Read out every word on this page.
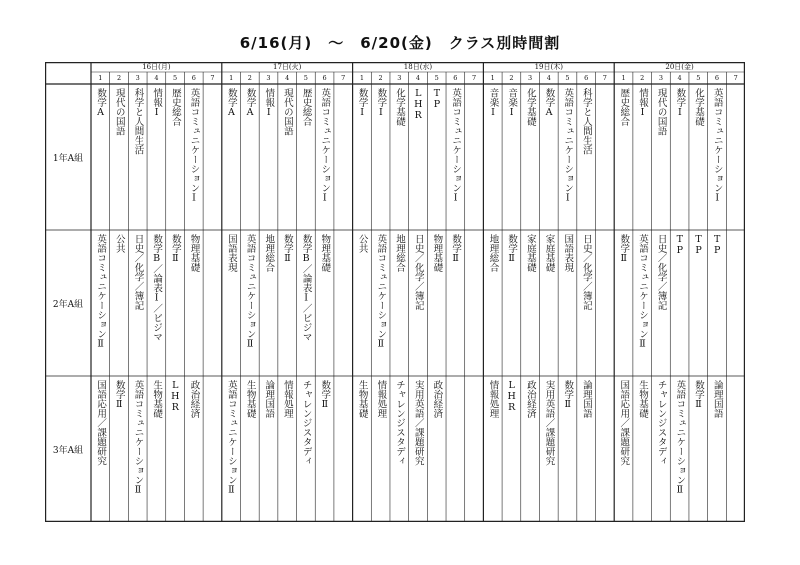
6/16(月)　～　6/20(金)　クラス別時間割
16日(月)
1 2 3 4 5 6 7
17日(火)
1 2 3 4 5 6 7
18日(水)
1 2 3 4 5 6 7
19日(木)
1 2 3 4 5 6 7
20日(金)
1 2 3 4 5 6 7
1年A組
数学A 現代の国語 科学と人間生活 情報Ⅰ 歴史総合 英語コミュニケーションⅠ	数学A 数学A 情報Ⅰ 現代の国語 歴史総合 英語コミュニケーションⅠ	数学Ⅰ 数学Ⅰ 化学基礎 LHR TP 英語コミュニケーションⅠ	音楽Ⅰ 音楽Ⅰ 化学基礎 数学A 英語コミュニケーションⅠ 科学と人間生活	歴史総合 情報Ⅰ 現代の国語 数学Ⅰ 化学基礎 英語コミュニケーションⅠ
2年A組 英語コミュニケーションⅡ 公共 日史／化学／簿記 数学B／論表Ⅰ／ビジマ 数学Ⅱ 物理基礎	国語表現 英語コミュニケーションⅡ 地理総合 数学Ⅱ 数学B／論表Ⅰ／ビジマ 物理基礎	公共 英語コミュニケーションⅡ 地理総合 日史／化学／簿記 物理基礎 数学Ⅱ	地理総合 数学Ⅱ 家庭基礎 家庭基礎 国語表現 日史／化学／簿記	数学Ⅱ 英語コミュニケーションⅡ 日史／化学／簿記 TP TP TP
3年A組 国語応用／課題研究 数学Ⅱ 英語コミュニケーションⅡ 生物基礎 LHR 政治経済	英語コミュニケーションⅡ 生物基礎 論理国語 情報処理 チャレンジスタディ 数学Ⅱ	生物基礎 情報処理 チャレンジスタディ 実用英語／課題研究 政治経済	情報処理 LHR 政治経済 実用英語／課題研究 数学Ⅱ 論理国語	国語応用／課題研究 生物基礎 チャレンジスタディ 英語コミュニケーションⅡ 数学Ⅱ 論理国語
